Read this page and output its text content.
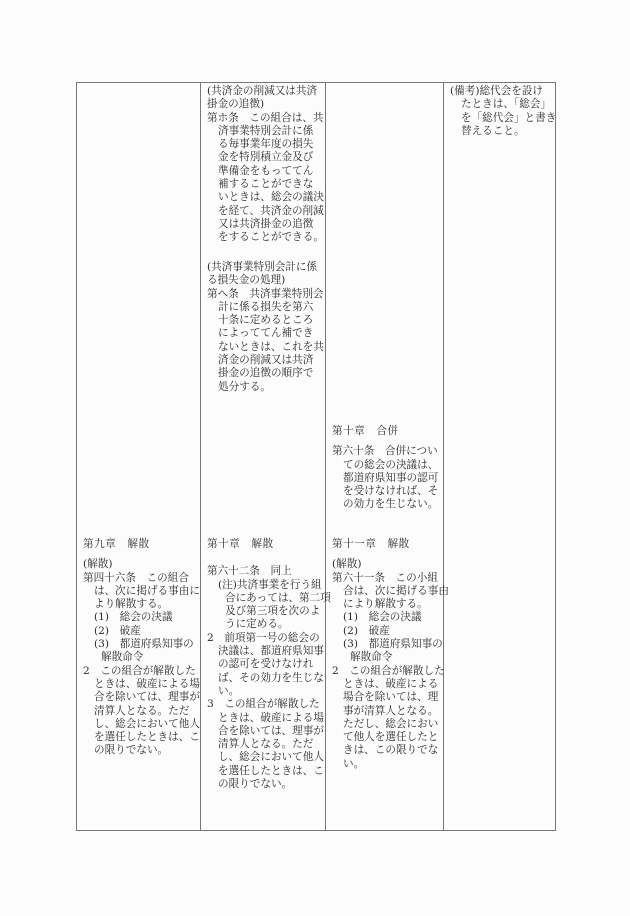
第九章　解散
(解散)
第四十六条　この組合
は、次に掲げる事由に
より解散する。
(1)　総会の決議
(2)　破産
(3)　都道府県知事の
解散命令
2　この組合が解散した
ときは、破産による場
合を除いては、理事が
清算人となる。ただ
し、総会において他人
を選任したときは、こ
の限りでない。
(共済金の削減又は共済
掛金の追徴)
第ホ条　この組合は、共
済事業特別会計に係
る毎事業年度の損失
金を特別積立金及び
準備金をもっててん
補することができな
いときは、総会の議決
を経て、共済金の削減
又は共済掛金の追徴
をすることができる。
(共済事業特別会計に係
る損失金の処理)
第へ条　共済事業特別会
計に係る損失を第六
十条に定めるところ
によっててん補でき
ないときは、これを共
済金の削減又は共済
掛金の追徴の順序で
処分する。
第十章　解散
第六十二条　同上
(注)共済事業を行う組
合にあっては、第二項
及び第三項を次のよ
うに定める。
2　前項第一号の総会の
決議は、都道府県知事
の認可を受けなけれ
ば、その効力を生じな
い。
3　この組合が解散した
ときは、破産による場
合を除いては、理事が
清算人となる。ただ
し、総会において他人
を選任したときは、こ
の限りでない。
第十章　合併
第六十条　合併につい
ての総会の決議は、
都道府県知事の認可
を受けなければ、そ
の効力を生じない。
第十一章　解散
(解散)
第六十一条　この小組
合は、次に掲げる事由
により解散する。
(1)　総会の決議
(2)　破産
(3)　都道府県知事の
解散命令
2　この組合が解散した
ときは、破産による
場合を除いては、理
事が清算人となる。
ただし、総会におい
て他人を選任したと
きは、この限りでな
い。
(備考)総代会を設け
たときは、「総会」
を「総代会」と書き
替えること。
